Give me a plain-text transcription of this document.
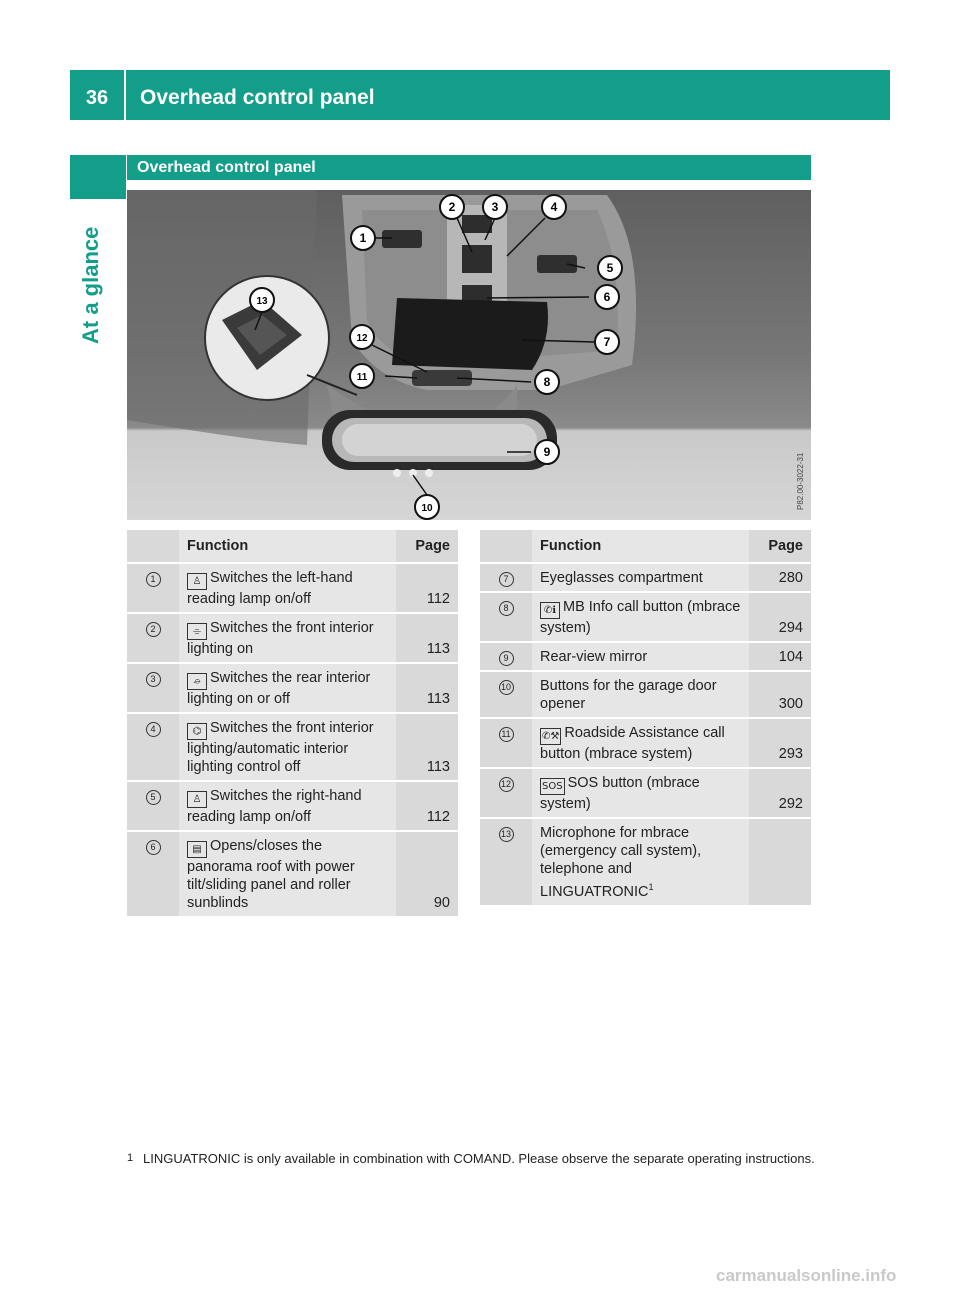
36	Overhead control panel
At a glance
Overhead control panel
1
2	3	4
5
6
7
8
9
10
11
12
13
P82.00-3022-31
	Function	Page
1	♙ Switches the left-hand reading lamp on/off	112
2	⌯ Switches the front interior lighting on	113
3	⌮ Switches the rear interior lighting on or off	113
4	⌬ Switches the front interior lighting/automatic interior lighting control off	113
5	♙ Switches the right-hand reading lamp on/off	112
6	▤ Opens/closes the panorama roof with power tilt/sliding panel and roller sunblinds	90
	Function	Page
7	Eyeglasses compartment	280
8	✆ℹ MB Info call button (mbrace system)	294
9	Rear-view mirror	104
10	Buttons for the garage door opener	300
11	✆⚒ Roadside Assistance call button (mbrace system)	293
12	SOS SOS button (mbrace system)	292
13	Microphone for mbrace (emergency call system), telephone and LINGUATRONIC$^1$	
1 LINGUATRONIC is only available in combination with COMAND. Please observe the separate operating instructions.
carmanualsonline.info
